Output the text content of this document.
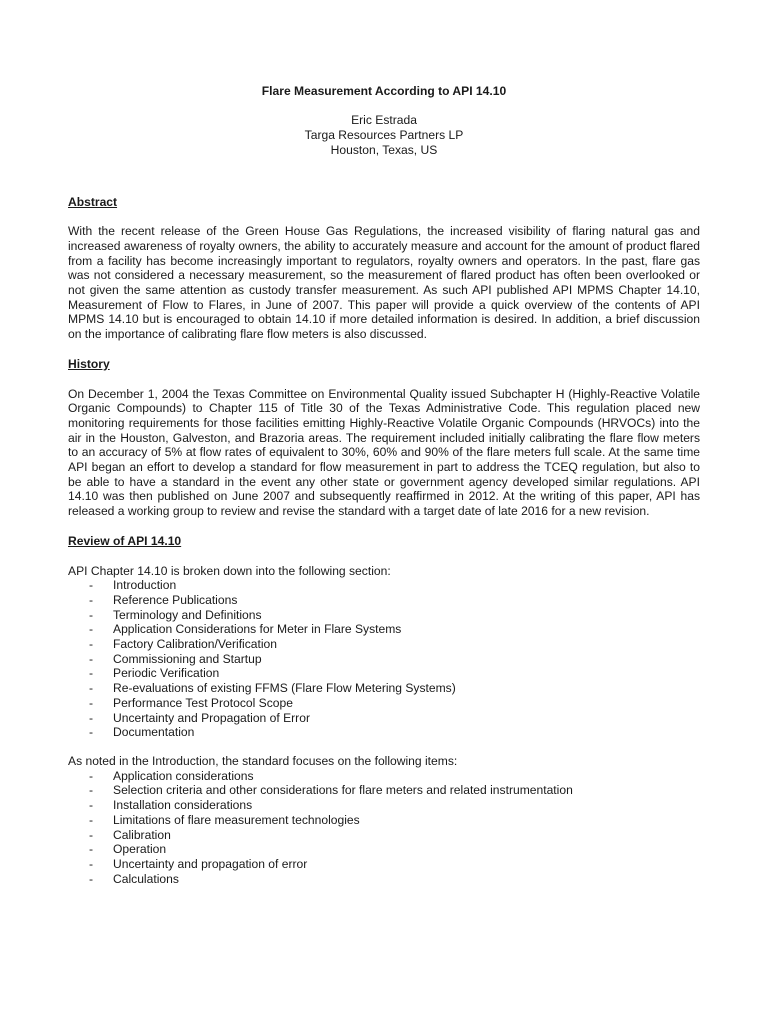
Flare Measurement According to API 14.10

Eric Estrada
Targa Resources Partners LP
Houston, Texas, US

Abstract

With the recent release of the Green House Gas Regulations, the increased visibility of flaring natural gas and increased awareness of royalty owners, the ability to accurately measure and account for the amount of product flared from a facility has become increasingly important to regulators, royalty owners and operators. In the past, flare gas was not considered a necessary measurement, so the measurement of flared product has often been overlooked or not given the same attention as custody transfer measurement. As such API published API MPMS Chapter 14.10, Measurement of Flow to Flares, in June of 2007. This paper will provide a quick overview of the contents of API MPMS 14.10 but is encouraged to obtain 14.10 if more detailed information is desired. In addition, a brief discussion on the importance of calibrating flare flow meters is also discussed.

History

On December 1, 2004 the Texas Committee on Environmental Quality issued Subchapter H (Highly-Reactive Volatile Organic Compounds) to Chapter 115 of Title 30 of the Texas Administrative Code. This regulation placed new monitoring requirements for those facilities emitting Highly-Reactive Volatile Organic Compounds (HRVOCs) into the air in the Houston, Galveston, and Brazoria areas. The requirement included initially calibrating the flare flow meters to an accuracy of 5% at flow rates of equivalent to 30%, 60% and 90% of the flare meters full scale. At the same time API began an effort to develop a standard for flow measurement in part to address the TCEQ regulation, but also to be able to have a standard in the event any other state or government agency developed similar regulations. API 14.10 was then published on June 2007 and subsequently reaffirmed in 2012. At the writing of this paper, API has released a working group to review and revise the standard with a target date of late 2016 for a new revision.

Review of API 14.10

API Chapter 14.10 is broken down into the following section:

- Introduction
- Reference Publications
- Terminology and Definitions
- Application Considerations for Meter in Flare Systems
- Factory Calibration/Verification
- Commissioning and Startup
- Periodic Verification
- Re-evaluations of existing FFMS (Flare Flow Metering Systems)
- Performance Test Protocol Scope
- Uncertainty and Propagation of Error
- Documentation

As noted in the Introduction, the standard focuses on the following items:

- Application considerations
- Selection criteria and other considerations for flare meters and related instrumentation
- Installation considerations
- Limitations of flare measurement technologies
- Calibration
- Operation
- Uncertainty and propagation of error
- Calculations
